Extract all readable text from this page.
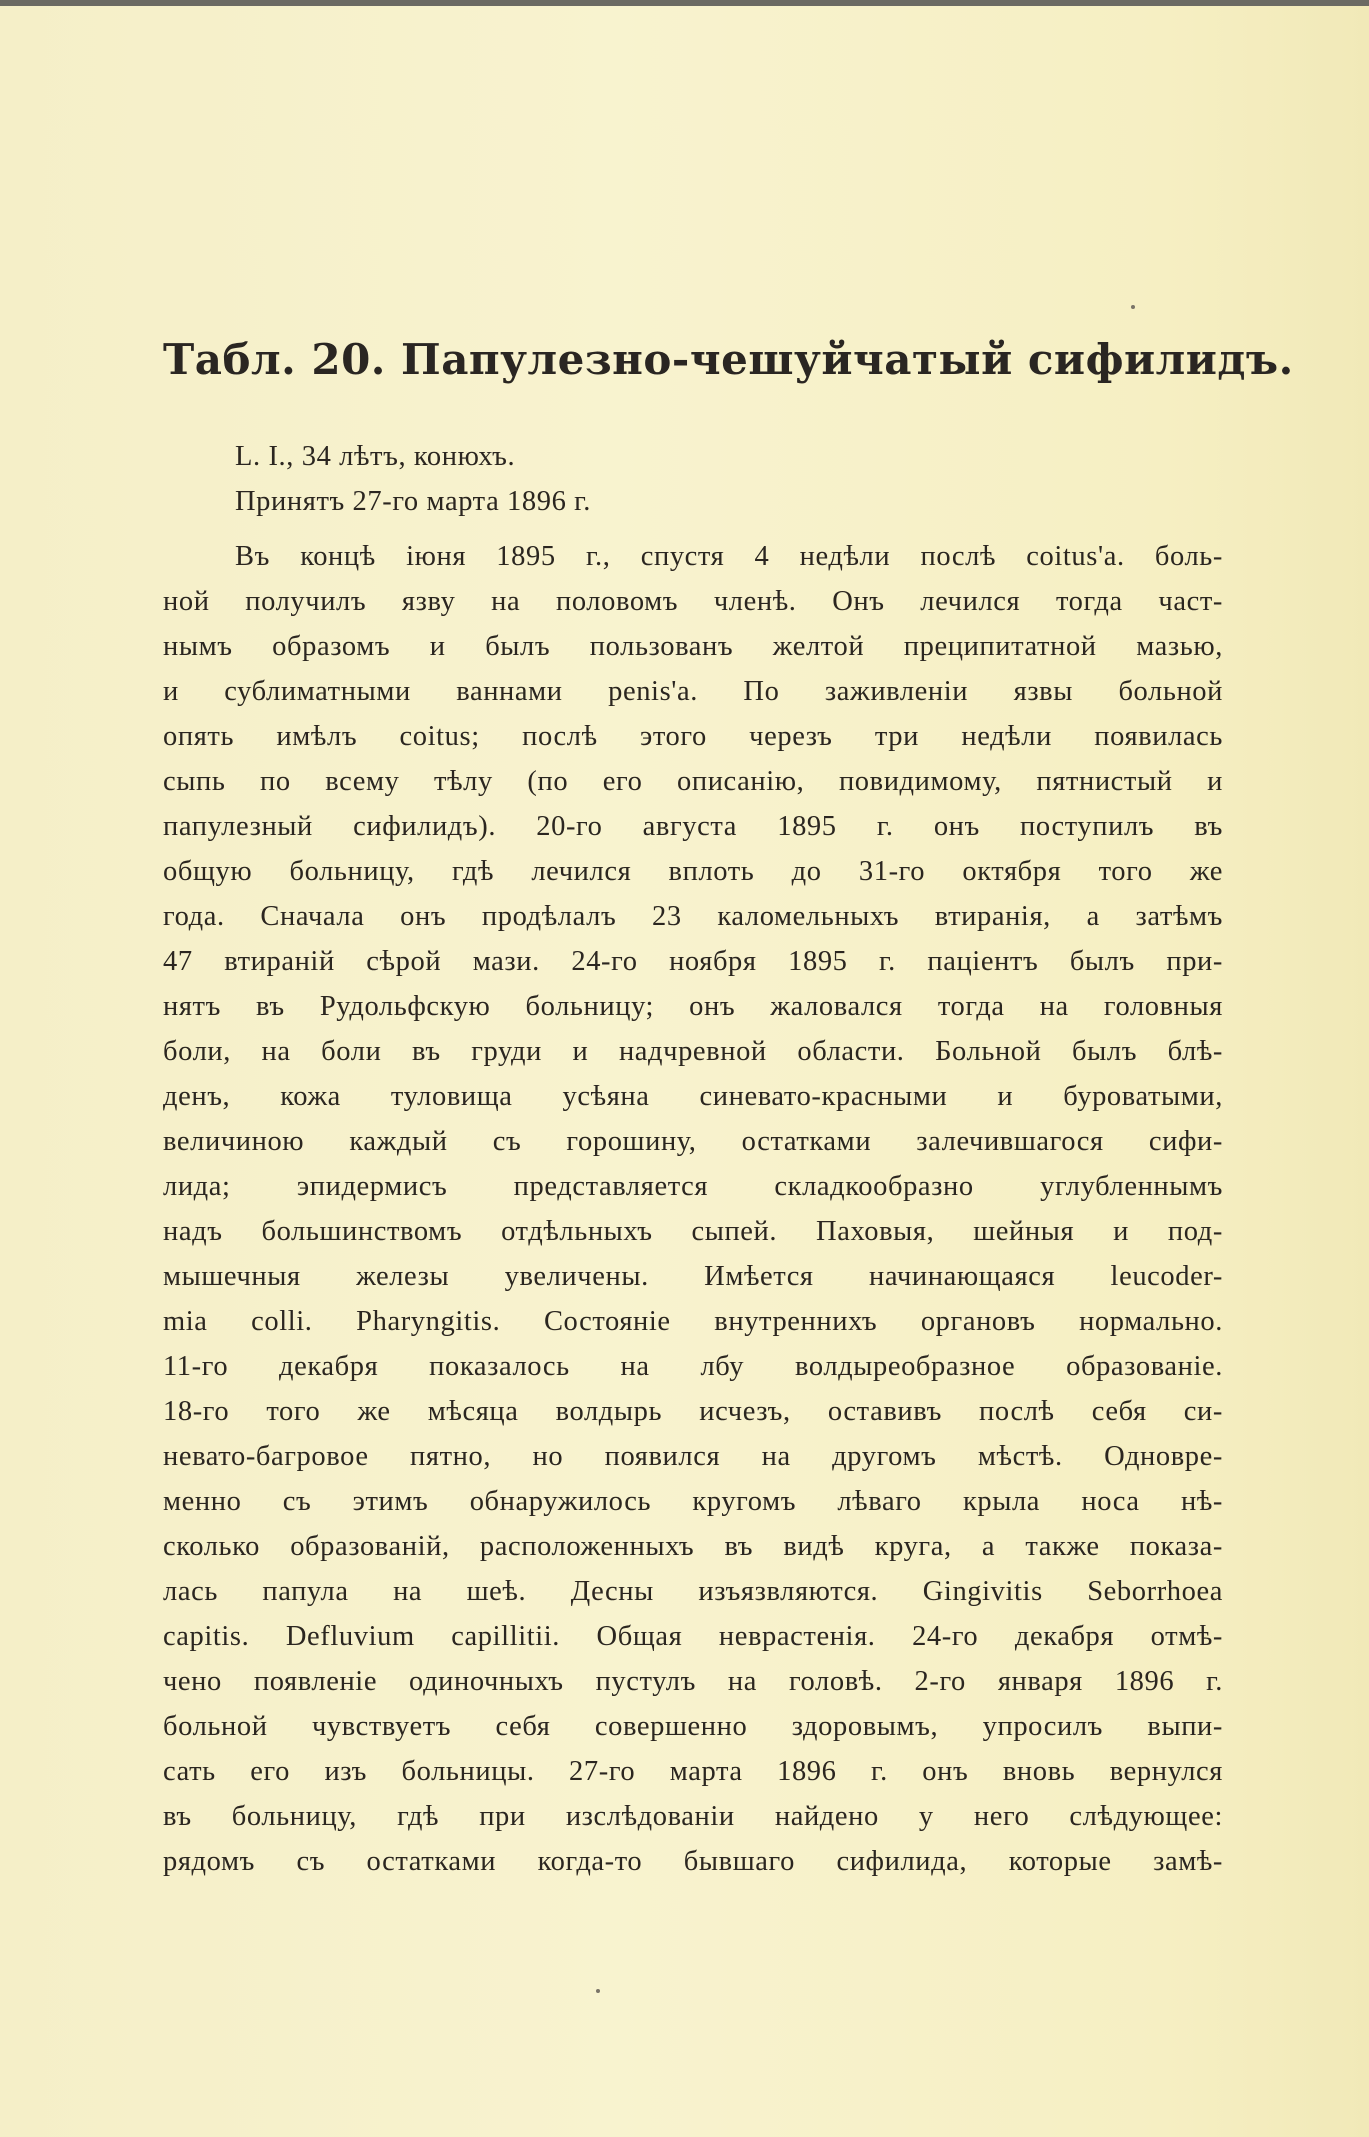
Табл. 20. Папулезно-чешуйчатый сифилидъ.
L. I., 34 лѣтъ, конюхъ.
Принятъ 27-го марта 1896 г.
Въ концѣ іюня 1895 г., спустя 4 недѣли послѣ coitus'а. боль-
ной получилъ язву на половомъ членѣ. Онъ лечился тогда част-
нымъ образомъ и былъ пользованъ желтой преципитатной мазью,
и сублиматными ваннами penis'а. По заживленіи язвы больной
опять имѣлъ coitus; послѣ этого черезъ три недѣли появилась
сыпь по всему тѣлу (по его описанію, повидимому, пятнистый и
папулезный сифилидъ). 20-го августа 1895 г. онъ поступилъ въ
общую больницу, гдѣ лечился вплоть до 31-го октября того же
года. Сначала онъ продѣлалъ 23 каломельныхъ втиранія, а затѣмъ
47 втираній сѣрой мази. 24-го ноября 1895 г. паціентъ былъ при-
нятъ въ Рудольфскую больницу; онъ жаловался тогда на головныя
боли, на боли въ груди и надчревной области. Больной былъ блѣ-
денъ, кожа туловища усѣяна синевато-красными и буроватыми,
величиною каждый съ горошину, остатками залечившагося сифи-
лида; эпидермисъ представляется складкообразно углубленнымъ
надъ большинствомъ отдѣльныхъ сыпей. Паховыя, шейныя и под-
мышечныя железы увеличены. Имѣется начинающаяся leucoder-
mia colli. Pharyngitis. Состояніе внутреннихъ органовъ нормально.
11-го декабря показалось на лбу волдыреобразное образованіе.
18-го того же мѣсяца волдырь исчезъ, оставивъ послѣ себя си-
невато-багровое пятно, но появился на другомъ мѣстѣ. Одновре-
менно съ этимъ обнаружилось кругомъ лѣваго крыла носа нѣ-
сколько образованій, расположенныхъ въ видѣ круга, а также показа-
лась папула на шеѣ. Десны изъязвляются. Gingivitis Seborrhoea
capitis. Defluvium capillitii. Общая неврастенія. 24-го декабря отмѣ-
чено появленіе одиночныхъ пустулъ на головѣ. 2-го января 1896 г.
больной чувствуетъ себя совершенно здоровымъ, упросилъ выпи-
сать его изъ больницы. 27-го марта 1896 г. онъ вновь вернулся
въ больницу, гдѣ при изслѣдованіи найдено у него слѣдующее:
рядомъ съ остатками когда-то бывшаго сифилида, которые замѣ-
